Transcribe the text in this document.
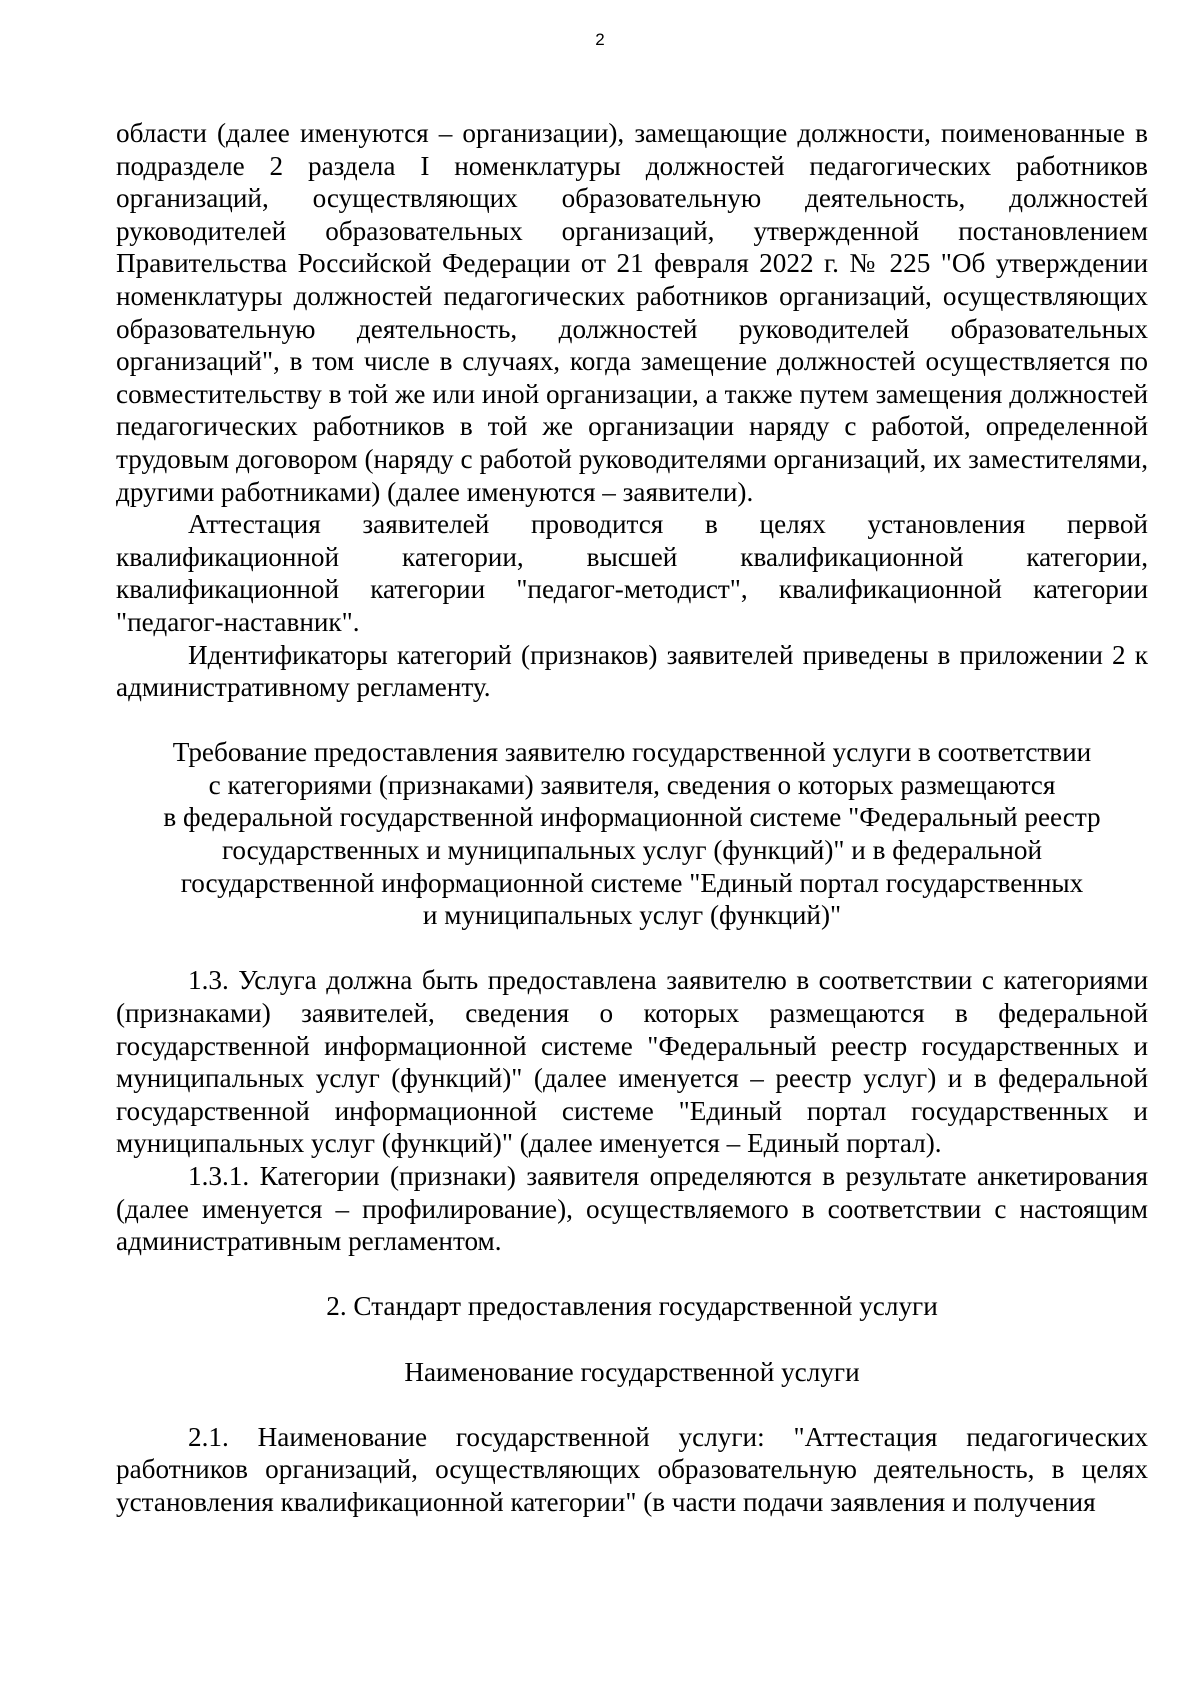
2

области (далее именуются – организации), замещающие должности, поименованные в подразделе 2 раздела I номенклатуры должностей педагогических работников организаций, осуществляющих образовательную деятельность, должностей руководителей образовательных организаций, утвержденной постановлением Правительства Российской Федерации от 21 февраля 2022 г. № 225 "Об утверждении номенклатуры должностей педагогических работников организаций, осуществляющих образовательную деятельность, должностей руководителей образовательных организаций", в том числе в случаях, когда замещение должностей осуществляется по совместительству в той же или иной организации, а также путем замещения должностей педагогических работников в той же организации наряду с работой, определенной трудовым договором (наряду с работой руководителями организаций, их заместителями, другими работниками) (далее именуются – заявители).

Аттестация заявителей проводится в целях установления первой квалификационной категории, высшей квалификационной категории, квалификационной категории "педагог-методист", квалификационной категории "педагог-наставник".

Идентификаторы категорий (признаков) заявителей приведены в приложении 2 к административному регламенту.

Требование предоставления заявителю государственной услуги в соответствии
с категориями (признаками) заявителя, сведения о которых размещаются
в федеральной государственной информационной системе "Федеральный реестр
государственных и муниципальных услуг (функций)" и в федеральной
государственной информационной системе "Единый портал государственных
и муниципальных услуг (функций)"

1.3. Услуга должна быть предоставлена заявителю в соответствии с категориями (признаками) заявителей, сведения о которых размещаются в федеральной государственной информационной системе "Федеральный реестр государственных и муниципальных услуг (функций)" (далее именуется – реестр услуг) и в федеральной государственной информационной системе "Единый портал государственных и муниципальных услуг (функций)" (далее именуется – Единый портал).

1.3.1. Категории (признаки) заявителя определяются в результате анкетирования (далее именуется – профилирование), осуществляемого в соответствии с настоящим административным регламентом.

2. Стандарт предоставления государственной услуги
Наименование государственной услуги

2.1. Наименование государственной услуги: "Аттестация педагогических работников организаций, осуществляющих образовательную деятельность, в целях установления квалификационной категории" (в части подачи заявления и получения
